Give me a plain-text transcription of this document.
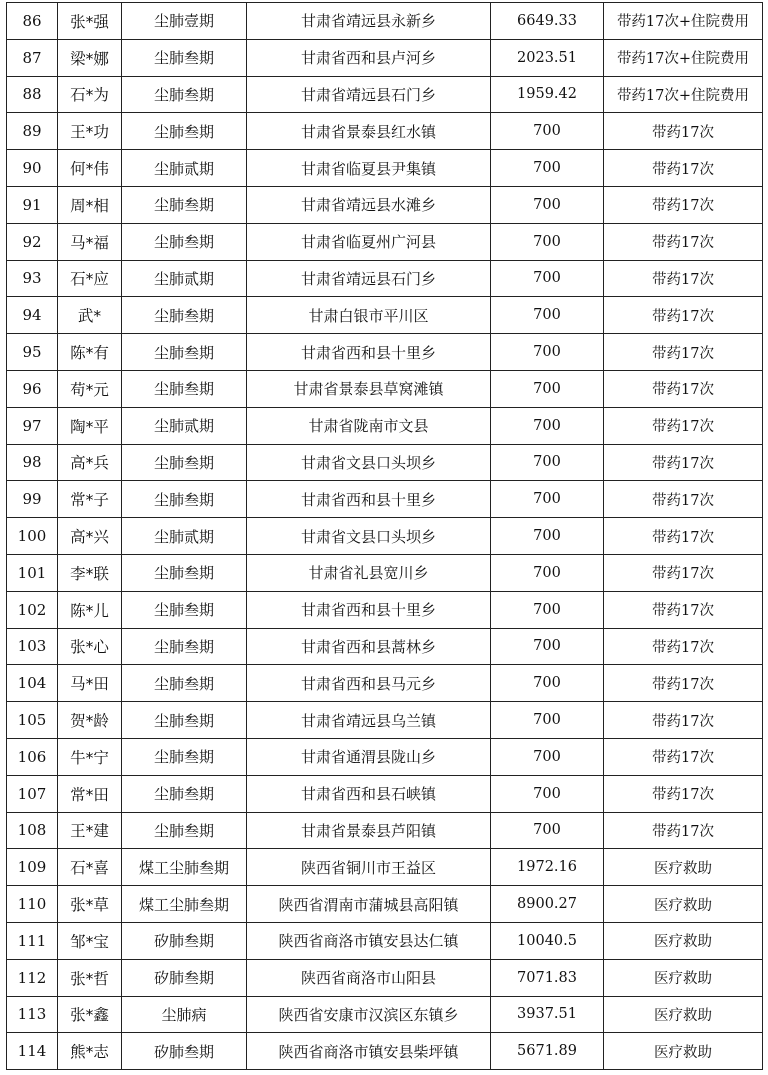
86	张*强	尘肺壹期	甘肃省靖远县永新乡	6649.33	带药17次+住院费用
87	梁*娜	尘肺叁期	甘肃省西和县卢河乡	2023.51	带药17次+住院费用
88	石*为	尘肺叁期	甘肃省靖远县石门乡	1959.42	带药17次+住院费用
89	王*功	尘肺叁期	甘肃省景泰县红水镇	700	带药17次
90	何*伟	尘肺贰期	甘肃省临夏县尹集镇	700	带药17次
91	周*相	尘肺叁期	甘肃省靖远县水滩乡	700	带药17次
92	马*福	尘肺叁期	甘肃省临夏州广河县	700	带药17次
93	石*应	尘肺贰期	甘肃省靖远县石门乡	700	带药17次
94	武*	尘肺叁期	甘肃白银市平川区	700	带药17次
95	陈*有	尘肺叁期	甘肃省西和县十里乡	700	带药17次
96	苟*元	尘肺叁期	甘肃省景泰县草窝滩镇	700	带药17次
97	陶*平	尘肺贰期	甘肃省陇南市文县	700	带药17次
98	高*兵	尘肺叁期	甘肃省文县口头坝乡	700	带药17次
99	常*子	尘肺叁期	甘肃省西和县十里乡	700	带药17次
100	高*兴	尘肺贰期	甘肃省文县口头坝乡	700	带药17次
101	李*联	尘肺叁期	甘肃省礼县宽川乡	700	带药17次
102	陈*儿	尘肺叁期	甘肃省西和县十里乡	700	带药17次
103	张*心	尘肺叁期	甘肃省西和县蒿林乡	700	带药17次
104	马*田	尘肺叁期	甘肃省西和县马元乡	700	带药17次
105	贺*龄	尘肺叁期	甘肃省靖远县乌兰镇	700	带药17次
106	牛*宁	尘肺叁期	甘肃省通渭县陇山乡	700	带药17次
107	常*田	尘肺叁期	甘肃省西和县石峡镇	700	带药17次
108	王*建	尘肺叁期	甘肃省景泰县芦阳镇	700	带药17次
109	石*喜	煤工尘肺叁期	陕西省铜川市王益区	1972.16	医疗救助
110	张*草	煤工尘肺叁期	陕西省渭南市蒲城县高阳镇	8900.27	医疗救助
111	邹*宝	矽肺叁期	陕西省商洛市镇安县达仁镇	10040.5	医疗救助
112	张*哲	矽肺叁期	陕西省商洛市山阳县	7071.83	医疗救助
113	张*鑫	尘肺病	陕西省安康市汉滨区东镇乡	3937.51	医疗救助
114	熊*志	矽肺叁期	陕西省商洛市镇安县柴坪镇	5671.89	医疗救助
